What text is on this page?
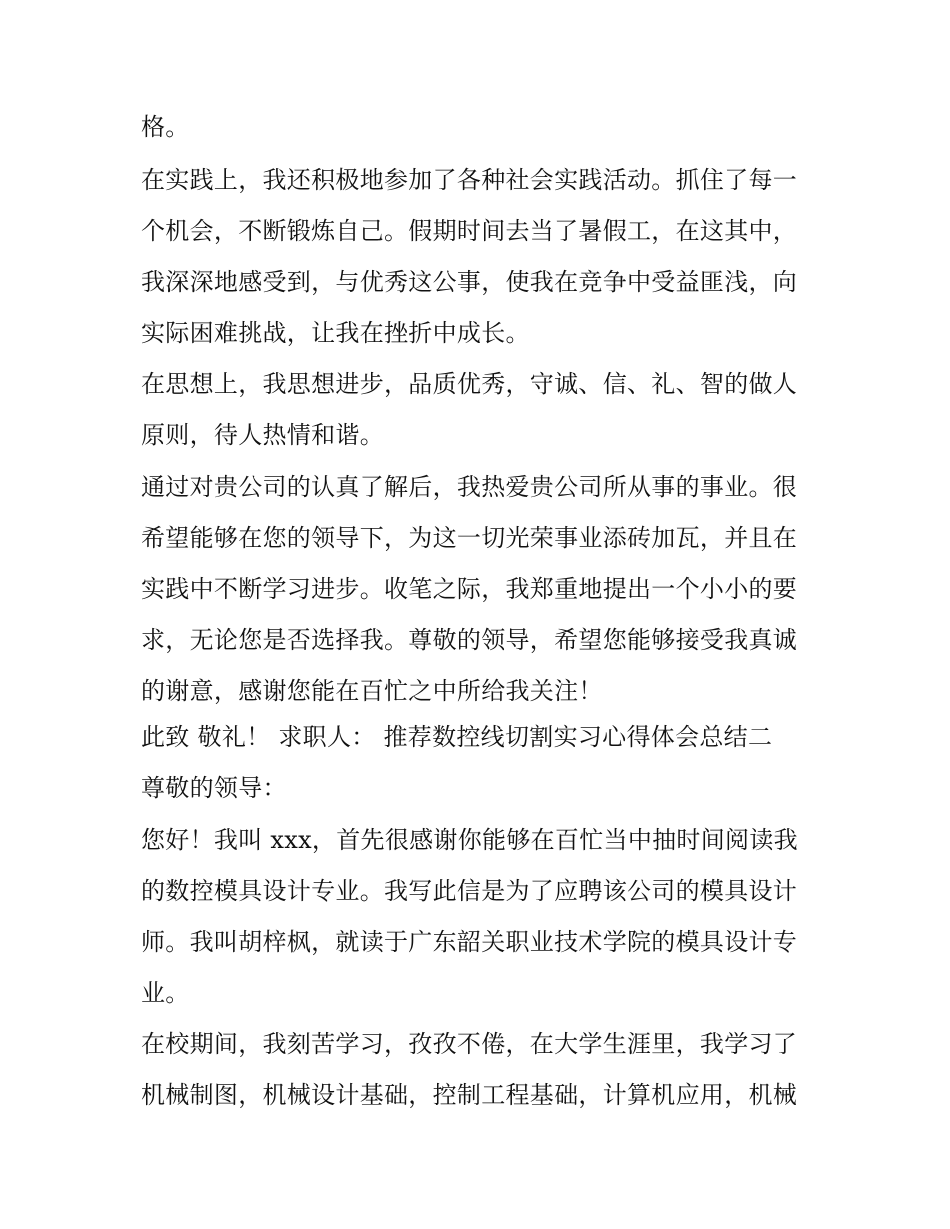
格。
在实践上，我还积极地参加了各种社会实践活动。抓住了每一
个机会，不断锻炼自己。假期时间去当了暑假工，在这其中，
我深深地感受到，与优秀这公事，使我在竞争中受益匪浅，向
实际困难挑战，让我在挫折中成长。
在思想上，我思想进步，品质优秀，守诚、信、礼、智的做人
原则，待人热情和谐。
通过对贵公司的认真了解后，我热爱贵公司所从事的事业。很
希望能够在您的领导下，为这一切光荣事业添砖加瓦，并且在
实践中不断学习进步。收笔之际，我郑重地提出一个小小的要
求，无论您是否选择我。尊敬的领导，希望您能够接受我真诚
的谢意，感谢您能在百忙之中所给我关注！
此致 敬礼！ 求职人： 推荐数控线切割实习心得体会总结二
尊敬的领导：
您好！我叫 xxx，首先很感谢你能够在百忙当中抽时间阅读我
的数控模具设计专业。我写此信是为了应聘该公司的模具设计
师。我叫胡梓枫，就读于广东韶关职业技术学院的模具设计专
业。
在校期间，我刻苦学习，孜孜不倦，在大学生涯里，我学习了
机械制图，机械设计基础，控制工程基础，计算机应用，机械
